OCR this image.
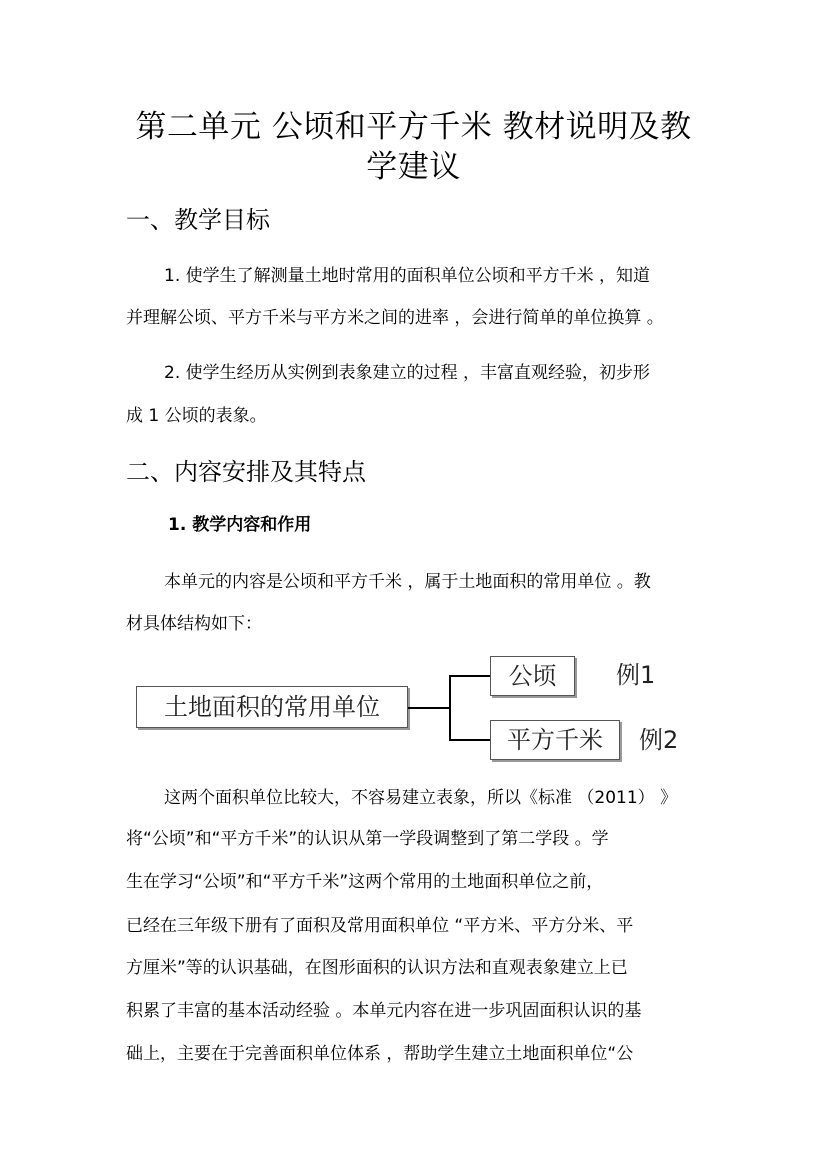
第二单元 公顷和平方千米 教材说明及教
学建议
一、教学目标
1. 使学生了解测量土地时常用的面积单位公顷和平方千米 ，知道
并理解公顷、平方千米与平方米之间的进率 ，会进行简单的单位换算 。
2. 使学生经历从实例到表象建立的过程 ，丰富直观经验，初步形
成 1 公顷的表象。
二、内容安排及其特点
1. 教学内容和作用
本单元的内容是公顷和平方千米 ，属于土地面积的常用单位 。教
材具体结构如下：
土地面积的常用单位
公顷 例1
平方千米 例2
这两个面积单位比较大，不容易建立表象，所以《标准 （2011） 》
将“公顷”和“平方千米”的认识从第一学段调整到了第二学段 。学
生在学习“公顷”和“平方千米”这两个常用的土地面积单位之前，
已经在三年级下册有了面积及常用面积单位 “平方米、平方分米、平
方厘米”等的认识基础，在图形面积的认识方法和直观表象建立上已
积累了丰富的基本活动经验 。本单元内容在进一步巩固面积认识的基
础上，主要在于完善面积单位体系 ，帮助学生建立土地面积单位“公
